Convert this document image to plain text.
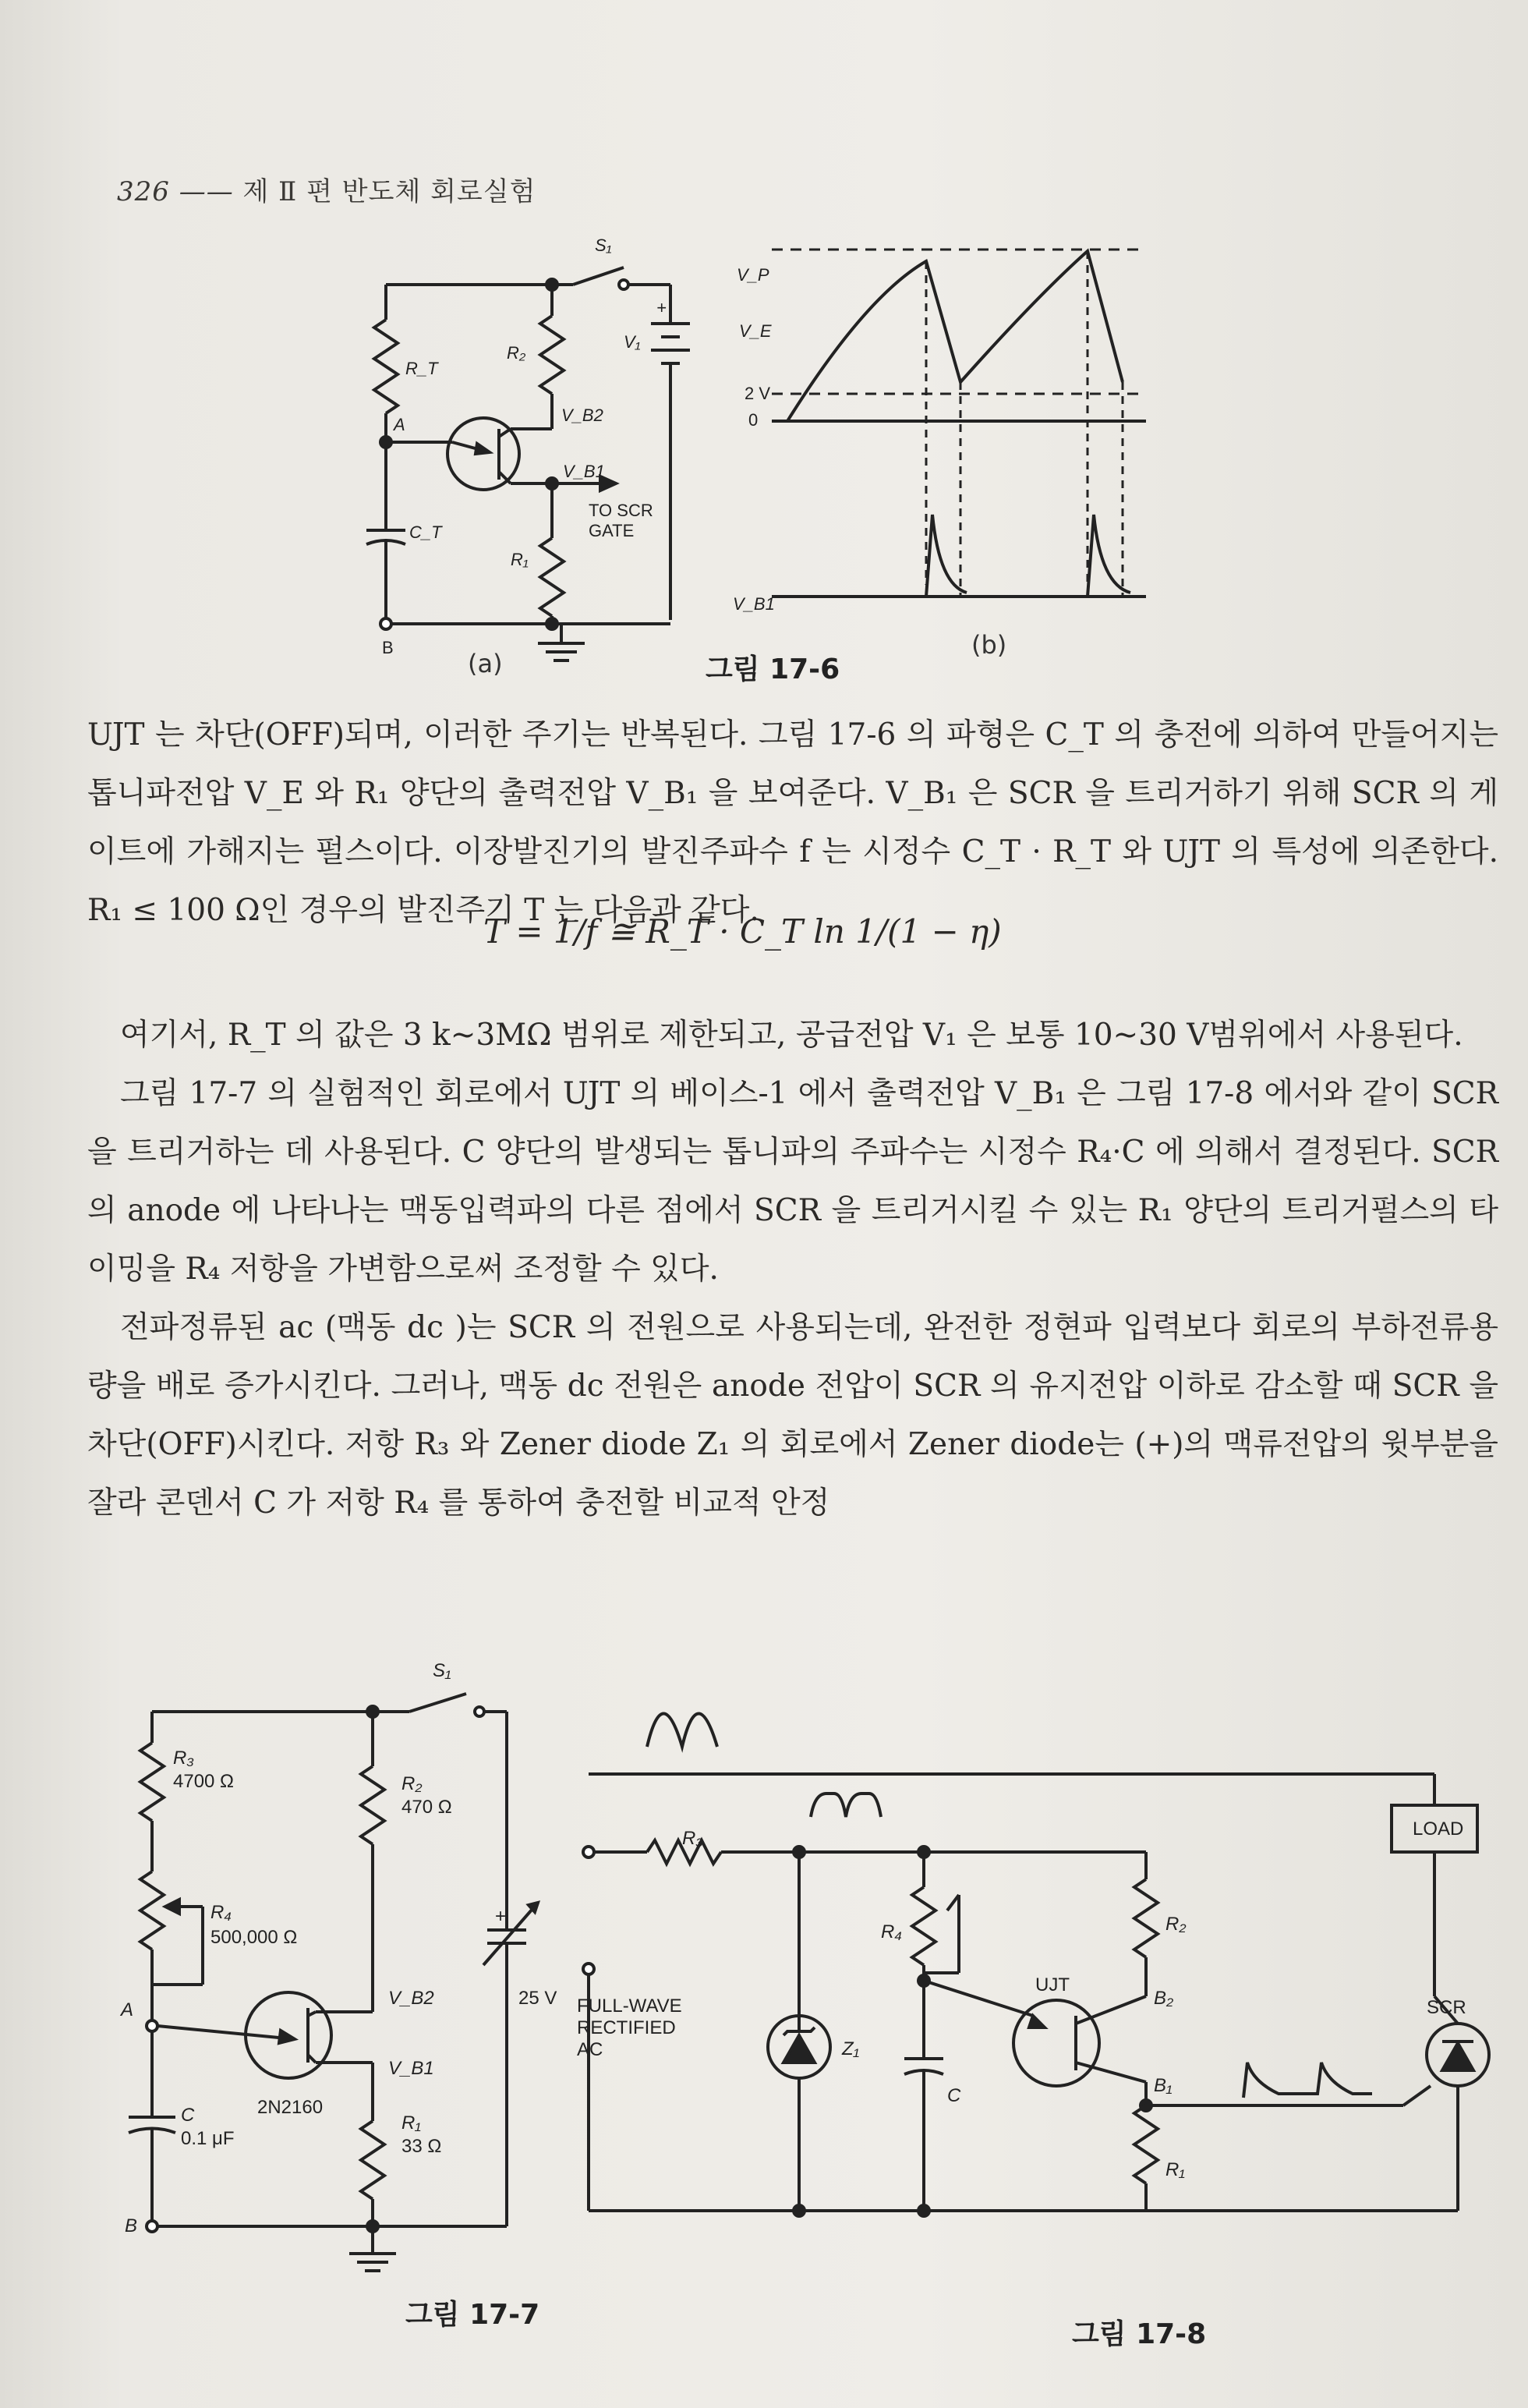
326 —— 제 Ⅱ 편 반도체 회로실험
S₁
V₁
+
R_T
R₂
A	V_B2
V_B1
TO SCR
GATE
C_T
R₁
B
V_P
V_E
2 V
0
V_B1
(a)
(b)
그림 17-6

UJT 는 차단(OFF)되며, 이러한 주기는 반복된다. 그림 17-6 의 파형은 C_T 의 충전에 의하여 만들어지는 톱니파전압 V_E 와 R₁ 양단의 출력전압 V_B₁ 을 보여준다. V_B₁ 은 SCR 을 트리거하기 위해 SCR 의 게이트에 가해지는 펄스이다. 이장발진기의 발진주파수 f 는 시정수 C_T · R_T 와 UJT 의 특성에 의존한다. R₁ ≤ 100 Ω인 경우의 발진주기 T 는 다음과 같다.

T = 1/f ≅ R_T · C_T ln 1/(1 − η)

여기서, R_T 의 값은 3 k~3MΩ 범위로 제한되고, 공급전압 V₁ 은 보통 10~30 V범위에서 사용된다.

그림 17-7 의 실험적인 회로에서 UJT 의 베이스-1 에서 출력전압 V_B₁ 은 그림 17-8 에서와 같이 SCR 을 트리거하는 데 사용된다. C 양단의 발생되는 톱니파의 주파수는 시정수 R₄·C 에 의해서 결정된다. SCR 의 anode 에 나타나는 맥동입력파의 다른 점에서 SCR 을 트리거시킬 수 있는 R₁ 양단의 트리거펄스의 타이밍을 R₄ 저항을 가변함으로써 조정할 수 있다.

전파정류된 ac (맥동 dc )는 SCR 의 전원으로 사용되는데, 완전한 정현파 입력보다 회로의 부하전류용량을 배로 증가시킨다. 그러나, 맥동 dc 전원은 anode 전압이 SCR 의 유지전압 이하로 감소할 때 SCR 을 차단(OFF)시킨다. 저항 R₃ 와 Zener diode Z₁ 의 회로에서 Zener diode는 (+)의 맥류전압의 윗부분을 잘라 콘덴서 C 가 저항 R₄ 를 통하여 충전할 비교적 안정

S₁
R₃
4700 Ω	R₂
470 Ω
R₄
500,000 Ω
A
V_B2
+
25 V
V_B1
2N2160
C
0.1 μF
R₁
33 Ω
B
R₃	LOAD
R₂
R₄
UJT
B₂	SCR
FULL-WAVE
RECTIFIED
AC	Z₁
B₁
C
R₁
그림 17-7
그림 17-8
